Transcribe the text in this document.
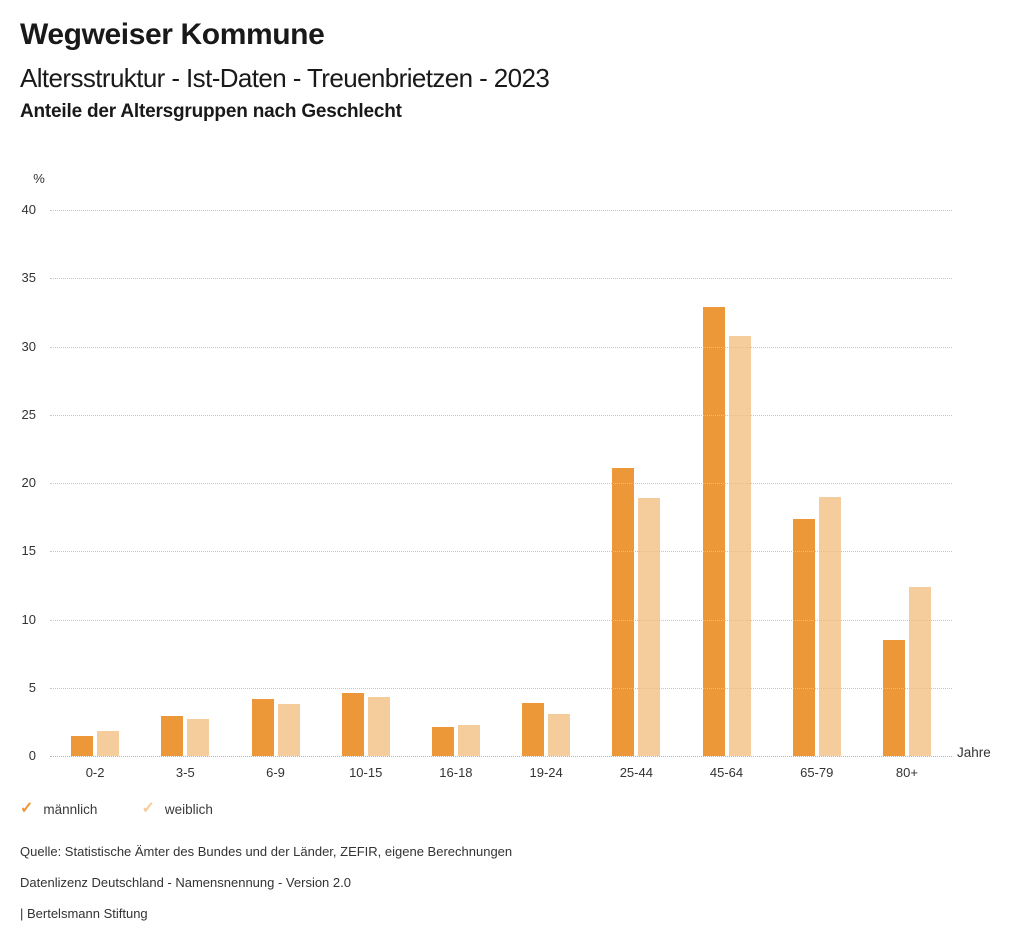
Wegweiser Kommune
Altersstruktur - Ist-Daten - Treuenbrietzen - 2023
Anteile der Altersgruppen nach Geschlecht
%
0
5
10
15
20
25
30
35
40
0-2	3-5	6-9	10-15	16-18	19-24	25-44	45-64	65-79	80+
Jahre
✓ männlich	✓ weiblich
Quelle: Statistische Ämter des Bundes und der Länder, ZEFIR, eigene Berechnungen
Datenlizenz Deutschland - Namensnennung - Version 2.0
| Bertelsmann Stiftung
